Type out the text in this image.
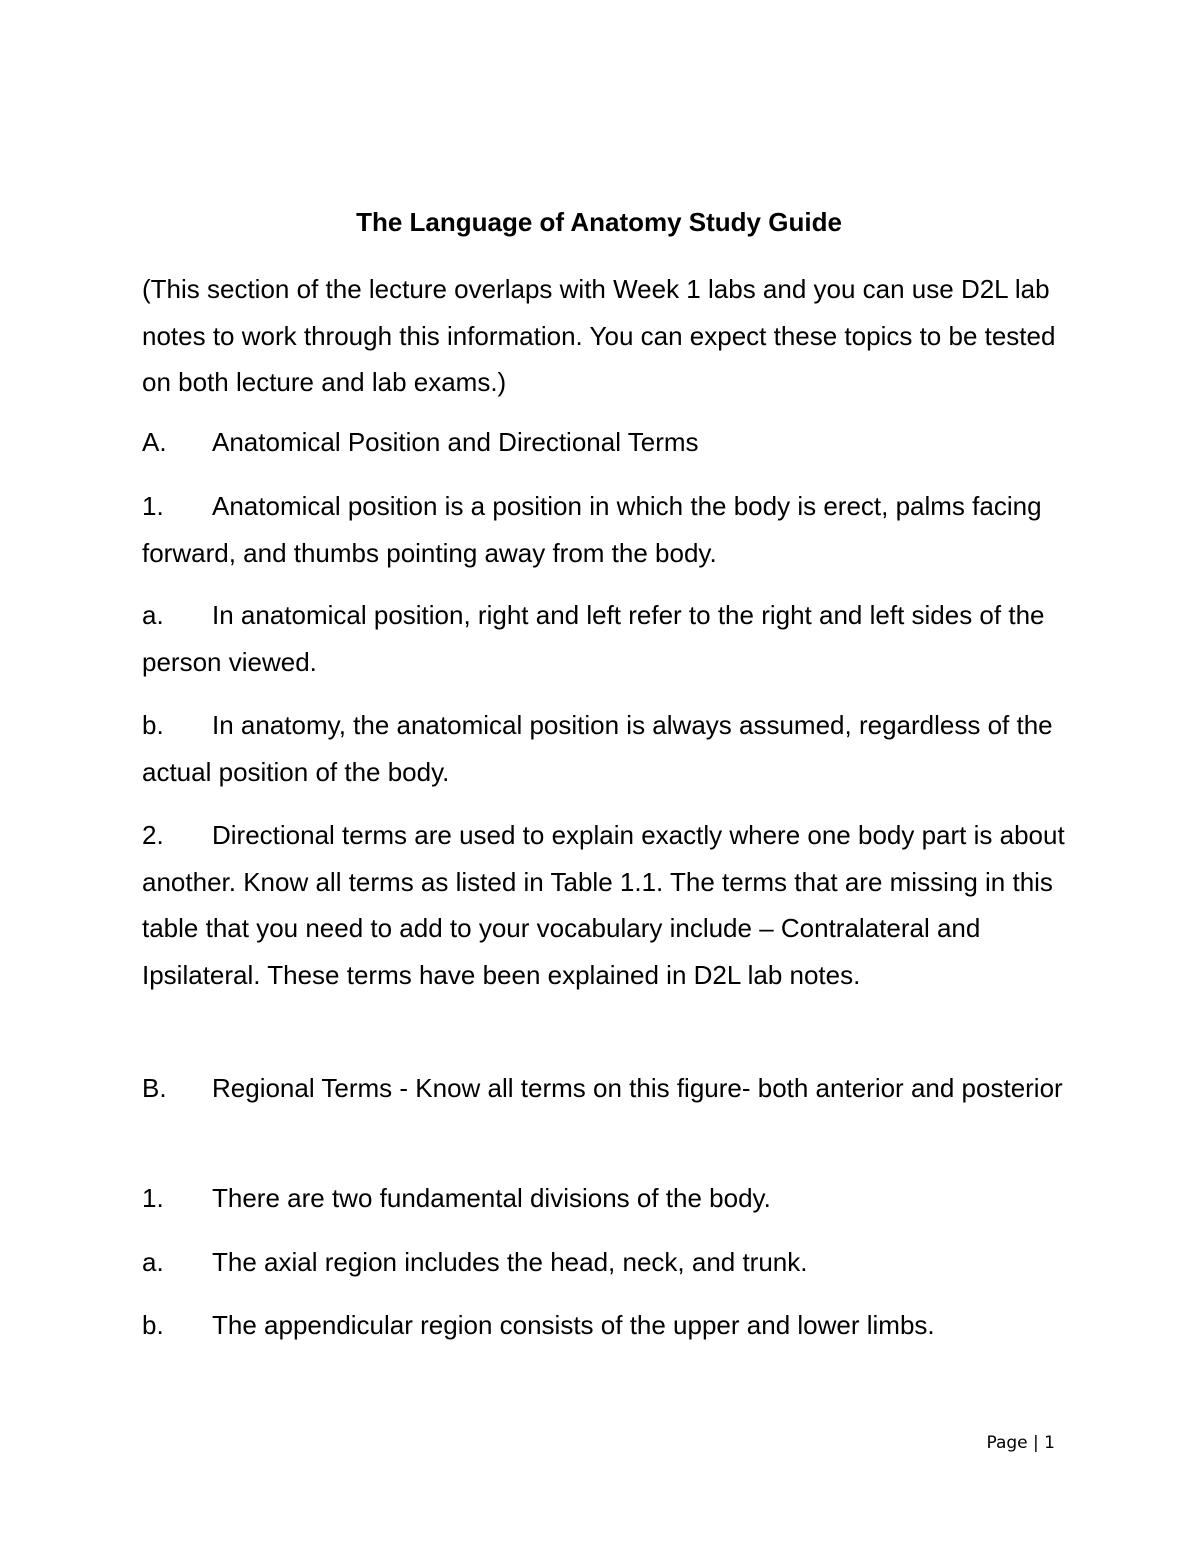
The Language of Anatomy Study Guide
(This section of the lecture overlaps with Week 1 labs and you can use D2L lab notes to work through this information. You can expect these topics to be tested on both lecture and lab exams.)
A. Anatomical Position and Directional Terms
1. Anatomical position is a position in which the body is erect, palms facing forward, and thumbs pointing away from the body.
a. In anatomical position, right and left refer to the right and left sides of the person viewed.
b. In anatomy, the anatomical position is always assumed, regardless of the actual position of the body.
2. Directional terms are used to explain exactly where one body part is about another. Know all terms as listed in Table 1.1. The terms that are missing in this table that you need to add to your vocabulary include – Contralateral and Ipsilateral. These terms have been explained in D2L lab notes.
B. Regional Terms - Know all terms on this figure- both anterior and posterior
1. There are two fundamental divisions of the body.
a. The axial region includes the head, neck, and trunk.
b. The appendicular region consists of the upper and lower limbs.
Page | 1
